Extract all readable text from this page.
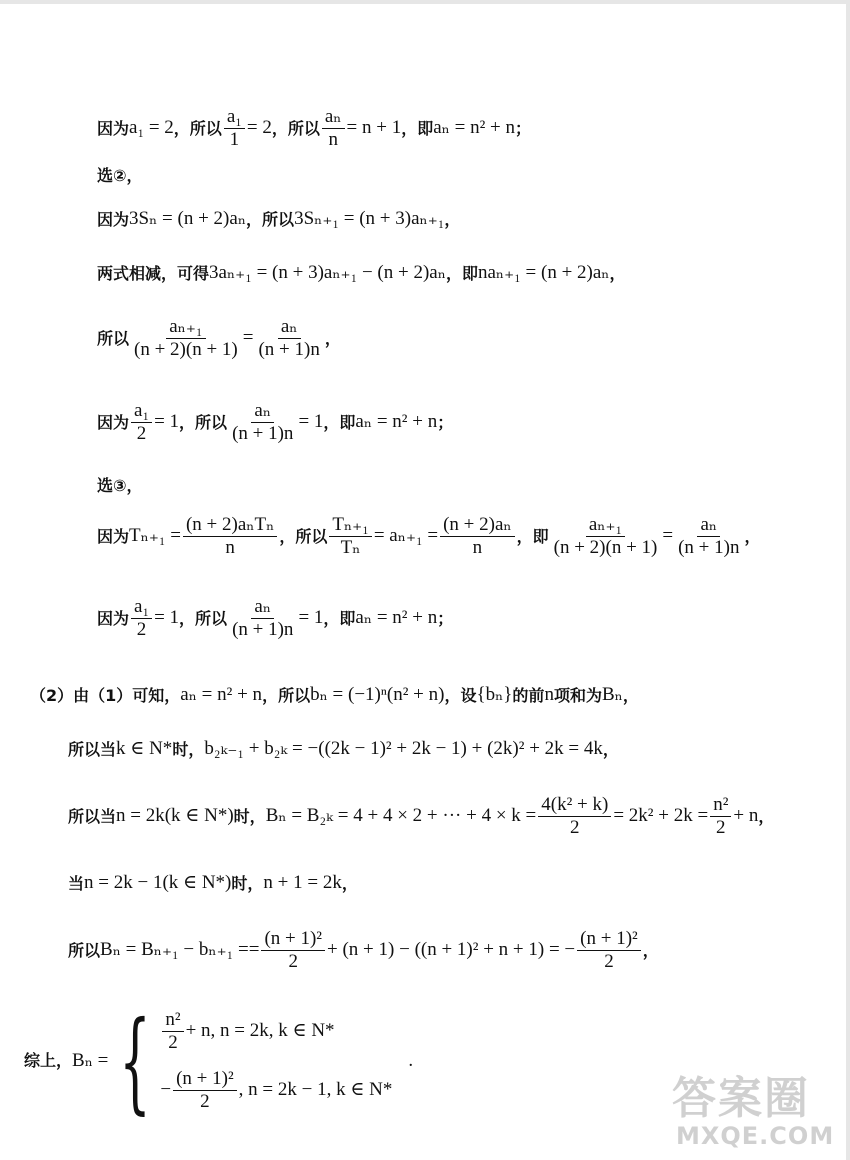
因为 a₁ = 2 ，所以 $\frac{\text{a₁}}{1} = 2$ ，所以 $\frac{\text{aₙ}}{n} = n + 1$ ，即 aₙ = n² + n ；
选②，
因为 3Sₙ = (n + 2)aₙ ，所以 3Sₙ₊₁ = (n + 3)aₙ₊₁ ，
两式相减，可得 3aₙ₊₁ = (n + 3)aₙ₊₁ − (n + 2)aₙ ，即 naₙ₊₁ = (n + 2)aₙ ，
所以 $\frac{\text{aₙ₊₁}}{(n + 2)(n + 1)} = \frac{\text{aₙ}}{(n + 1)n}$ ，
因为 $\frac{\text{a₁}}{2} = 1$ ，所以 $\frac{\text{aₙ}}{(n + 1)n} = 1$ ，即 aₙ = n² + n ；
选③，
因为 $T_{n+1} = \frac{\text{(n + 2)aₙTₙ}}{n}$ ，所以 $\frac{\text{Tₙ₊₁}}{\text{Tₙ}} = a_{n+1} = \frac{\text{(n + 2)aₙ}}{n}$ ，即 $\frac{\text{aₙ₊₁}}{(n + 2)(n + 1)} = \frac{\text{aₙ}}{(n + 1)n}$ ，
因为 $\frac{\text{a₁}}{2} = 1$ ，所以 $\frac{\text{aₙ}}{(n + 1)n} = 1$ ，即 aₙ = n² + n ；
（2）由（1）可知， aₙ = n² + n ，所以 bₙ = (−1)ⁿ(n² + n) ，设 {bₙ} 的前 n 项和为 Bₙ ，
所以当 k ∈ N* 时， b₂ₖ₋₁ + b₂ₖ = −((2k − 1)² + 2k − 1) + (2k)² + 2k = 4k ，
所以当 n = 2k(k ∈ N*) 时， Bₙ = B₂ₖ = 4 + 4 × 2 + ··· + $4 \times k = \frac{\text{4(k² + k)}}{2} = 2k^2 + 2k = \frac{\text{n²}}{2} + n$ ，
当 n = 2k − 1(k ∈ N*) 时， n + 1 = 2k ，
所以 $B_n = B_{n+1} - b_{n+1} == \frac{\text{(n + 1)²}}{2} + (n + 1) - ((n + 1)^2 + n + 1)$ = − $\frac{\text{(n + 1)²}}{2}$ ，
综上， Bₙ = { $\frac{\text{n²}}{2} + n$, n = 2k, k ∈ N*
− $\frac{\text{(n + 1)²}}{2}$ , n = 2k − 1, k ∈ N*
.
答案圈
MXQE.COM
